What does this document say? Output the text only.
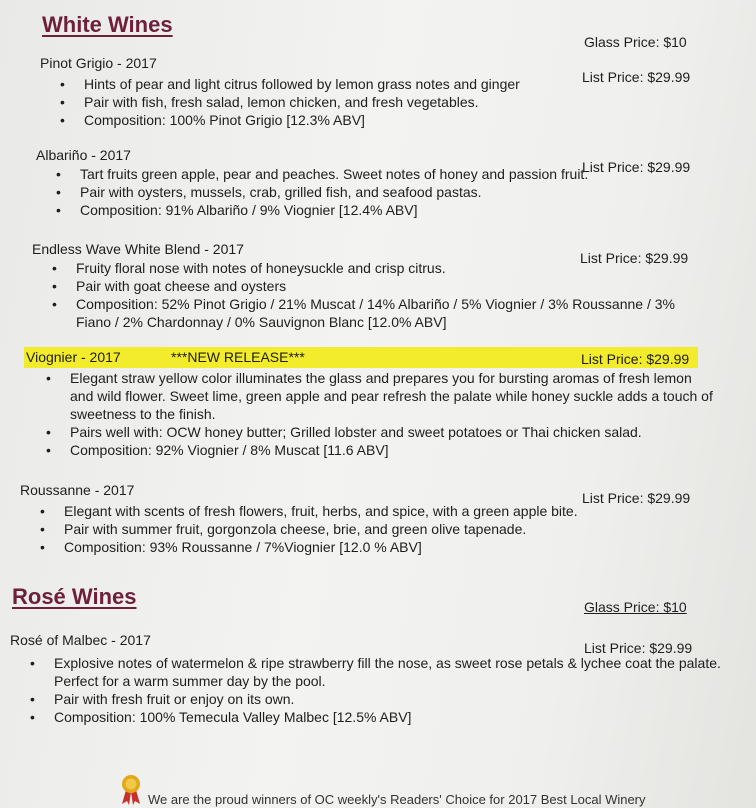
White Wines
Glass Price: $10
Pinot Grigio - 2017
List Price: $29.99
• Hints of pear and light citrus followed by lemon grass notes and ginger
• Pair with fish, fresh salad, lemon chicken, and fresh vegetables.
• Composition: 100% Pinot Grigio [12.3% ABV]
Albariño - 2017
List Price: $29.99
• Tart fruits green apple, pear and peaches. Sweet notes of honey and passion fruit.
• Pair with oysters, mussels, crab, grilled fish, and seafood pastas.
• Composition: 91% Albariño / 9% Viognier [12.4% ABV]
Endless Wave White Blend - 2017
List Price: $29.99
• Fruity floral nose with notes of honeysuckle and crisp citrus.
• Pair with goat cheese and oysters
• Composition: 52% Pinot Grigio / 21% Muscat / 14% Albariño / 5% Viognier / 3% Roussanne / 3% Fiano / 2% Chardonnay / 0% Sauvignon Blanc [12.0% ABV]
Viognier - 2017	***NEW RELEASE***	List Price: $29.99
• Elegant straw yellow color illuminates the glass and prepares you for bursting aromas of fresh lemon and wild flower. Sweet lime, green apple and pear refresh the palate while honey suckle adds a touch of sweetness to the finish.
• Pairs well with: OCW honey butter; Grilled lobster and sweet potatoes or Thai chicken salad.
• Composition: 92% Viognier / 8% Muscat [11.6 ABV]
Roussanne - 2017	List Price: $29.99
• Elegant with scents of fresh flowers, fruit, herbs, and spice, with a green apple bite.
• Pair with summer fruit, gorgonzola cheese, brie, and green olive tapenade.
• Composition: 93% Roussanne / 7%Viognier [12.0 % ABV]
Rosé Wines	Glass Price: $10
Rosé of Malbec - 2017	List Price: $29.99
• Explosive notes of watermelon & ripe strawberry fill the nose, as sweet rose petals & lychee coat the palate. Perfect for a warm summer day by the pool.
• Pair with fresh fruit or enjoy on its own.
• Composition: 100% Temecula Valley Malbec [12.5% ABV]
We are the proud winners of OC weekly's Readers' Choice for 2017 Best Local Winery
